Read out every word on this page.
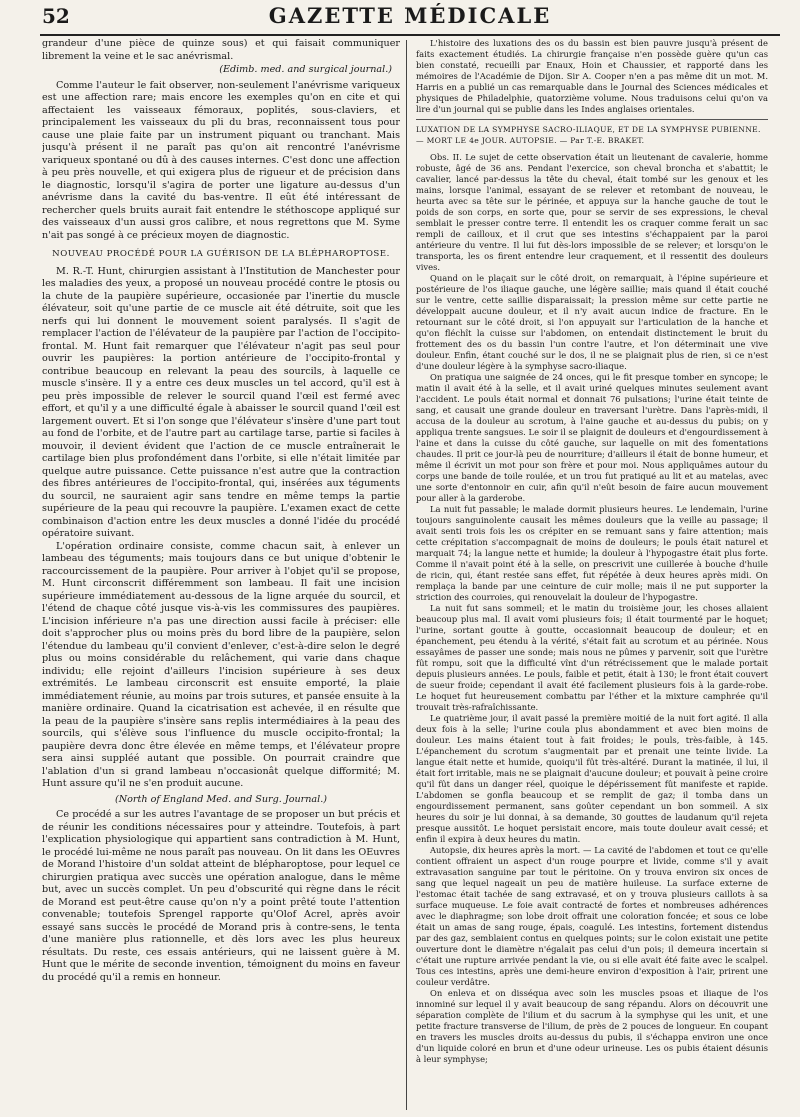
52	GAZETTE MÉDICALE

grandeur d'une pièce de quinze sous) et qui faisait communiquer librement la veine et le sac anévrismal.

(Edimb. med. and surgical journal.)

Comme l'auteur le fait observer, non-seulement l'anévrisme variqueux est une affection rare; mais encore les exemples qu'on en cite et qui affectaient les vaisseaux fémoraux, poplités, sous-claviers, et principalement les vaisseaux du pli du bras, reconnaissent tous pour cause une plaie faite par un instrument piquant ou tranchant. Mais jusqu'à présent il ne paraît pas qu'on ait rencontré l'anévrisme variqueux spontané ou dû à des causes internes. C'est donc une affection à peu près nouvelle, et qui exigera plus de rigueur et de précision dans le diagnostic, lorsqu'il s'agira de porter une ligature au-dessus d'un anévrisme dans la cavité du bas-ventre. Il eût été intéressant de rechercher quels bruits aurait fait entendre le stéthoscope appliqué sur des vaisseaux d'un aussi gros calibre, et nous regrettons que M. Syme n'ait pas songé à ce précieux moyen de diagnostic.

NOUVEAU PROCÉDÉ POUR LA GUÉRISON DE LA BLÉPHAROPTOSE.

M. R.-T. Hunt, chirurgien assistant à l'Institution de Manchester pour les maladies des yeux, a proposé un nouveau procédé contre le ptosis ou la chute de la paupière supérieure, occasionée par l'inertie du muscle élévateur, soit qu'une partie de ce muscle ait été détruite, soit que les nerfs qui lui donnent le mouvement soient paralysés. Il s'agit de remplacer l'action de l'élévateur de la paupière par l'action de l'occipito-frontal. M. Hunt fait remarquer que l'élévateur n'agit pas seul pour ouvrir les paupières: la portion antérieure de l'occipito-frontal y contribue beaucoup en relevant la peau des sourcils, à laquelle ce muscle s'insère. Il y a entre ces deux muscles un tel accord, qu'il est à peu près impossible de relever le sourcil quand l'œil est fermé avec effort, et qu'il y a une difficulté égale à abaisser le sourcil quand l'œil est largement ouvert. Et si l'on songe que l'élévateur s'insère d'une part tout au fond de l'orbite, et de l'autre part au cartilage tarse, partie si faciles à mouvoir, il devient évident que l'action de ce muscle entraînerait le cartilage bien plus profondément dans l'orbite, si elle n'était limitée par quelque autre puissance. Cette puissance n'est autre que la contraction des fibres antérieures de l'occipito-frontal, qui, insérées aux téguments du sourcil, ne sauraient agir sans tendre en même temps la partie supérieure de la peau qui recouvre la paupière. L'examen exact de cette combinaison d'action entre les deux muscles a donné l'idée du procédé opératoire suivant.

L'opération ordinaire consiste, comme chacun sait, à enlever un lambeau des téguments; mais toujours dans ce but unique d'obtenir le raccourcissement de la paupière. Pour arriver à l'objet qu'il se propose, M. Hunt circonscrit différemment son lambeau. Il fait une incision supérieure immédiatement au-dessous de la ligne arquée du sourcil, et l'étend de chaque côté jusque vis-à-vis les commissures des paupières. L'incision inférieure n'a pas une direction aussi facile à préciser: elle doit s'approcher plus ou moins près du bord libre de la paupière, selon l'étendue du lambeau qu'il convient d'enlever, c'est-à-dire selon le degré plus ou moins considérable du relâchement, qui varie dans chaque individu; elle rejoint d'ailleurs l'incision supérieure à ses deux extrémités. Le lambeau circonscrit est ensuite emporté, la plaie immédiatement réunie, au moins par trois sutures, et pansée ensuite à la manière ordinaire. Quand la cicatrisation est achevée, il en résulte que la peau de la paupière s'insère sans replis intermédiaires à la peau des sourcils, qui s'élève sous l'influence du muscle occipito-frontal; la paupière devra donc être élevée en même temps, et l'élévateur propre sera ainsi suppléé autant que possible. On pourrait craindre que l'ablation d'un si grand lambeau n'occasionât quelque difformité; M. Hunt assure qu'il ne s'en produit aucune.

(North of England Med. and Surg. Journal.)

Ce procédé a sur les autres l'avantage de se proposer un but précis et de réunir les conditions nécessaires pour y atteindre. Toutefois, à part l'explication physiologique qui appartient sans contradiction à M. Hunt, le procédé lui-même ne nous paraît pas nouveau. On lit dans les OEuvres de Morand l'histoire d'un soldat atteint de blépharoptose, pour lequel ce chirurgien pratiqua avec succès une opération analogue, dans le même but, avec un succès complet. Un peu d'obscurité qui règne dans le récit de Morand est peut-être cause qu'on n'y a point prêté toute l'attention convenable; toutefois Sprengel rapporte qu'Olof Acrel, après avoir essayé sans succès le procédé de Morand pris à contre-sens, le tenta d'une manière plus rationnelle, et dès lors avec les plus heureux résultats. Du reste, ces essais antérieurs, qui ne laissent guère à M. Hunt que le mérite de seconde invention, témoignent du moins en faveur du procédé qu'il a remis en honneur.

L'histoire des luxations des os du bassin est bien pauvre jusqu'à présent de faits exactement étudiés. La chirurgie française n'en possède guère qu'un cas bien constaté, recueilli par Enaux, Hoin et Chaussier, et rapporté dans les mémoires de l'Académie de Dijon. Sir A. Cooper n'en a pas même dit un mot. M. Harris en a publié un cas remarquable dans le Journal des Sciences médicales et physiques de Philadelphie, quatorzième volume. Nous traduisons celui qu'on va lire d'un journal qui se publie dans les Indes anglaises orientales.

LUXATION DE LA SYMPHYSE SACRO-ILIAQUE, ET DE LA SYMPHYSE PUBIENNE. — MORT LE 4e JOUR. AUTOPSIE. — Par T.-E. BRAKET.

Obs. II. Le sujet de cette observation était un lieutenant de cavalerie, homme robuste, âgé de 36 ans. Pendant l'exercice, son cheval broncha et s'abattit; le cavalier, lancé par-dessus la tête du cheval, était tombé sur les genoux et les mains, lorsque l'animal, essayant de se relever et retombant de nouveau, le heurta avec sa tête sur le périnée, et appuya sur la hanche gauche de tout le poids de son corps, en sorte que, pour se servir de ses expressions, le cheval semblait le presser contre terre. Il entendit les os craquer comme ferait un sac rempli de cailloux, et il crut que ses intestins s'échappaient par la paroi antérieure du ventre. Il lui fut dès-lors impossible de se relever; et lorsqu'on le transporta, les os firent entendre leur craquement, et il ressentit des douleurs vives.

Quand on le plaçait sur le côté droit, on remarquait, à l'épine supérieure et postérieure de l'os iliaque gauche, une légère saillie; mais quand il était couché sur le ventre, cette saillie disparaissait; la pression même sur cette partie ne développait aucune douleur, et il n'y avait aucun indice de fracture. En le retournant sur le côté droit, si l'on appuyait sur l'articulation de la hanche et qu'on fléchît la cuisse sur l'abdomen, on entendait distinctement le bruit du frottement des os du bassin l'un contre l'autre, et l'on déterminait une vive douleur. Enfin, étant couché sur le dos, il ne se plaignait plus de rien, si ce n'est d'une douleur légère à la symphyse sacro-iliaque.

On pratiqua une saignée de 24 onces, qui le fit presque tomber en syncope; le matin il avait été à la selle, et il avait uriné quelques minutes seulement avant l'accident. Le pouls était normal et donnait 76 pulsations; l'urine était teinte de sang, et causait une grande douleur en traversant l'urètre. Dans l'après-midi, il accusa de la douleur au scrotum, à l'aine gauche et au-dessus du pubis; on y appliqua trente sangsues. Le soir il se plaignit de douleurs et d'engourdissement à l'aine et dans la cuisse du côté gauche, sur laquelle on mit des fomentations chaudes. Il prit ce jour-là peu de nourriture; d'ailleurs il était de bonne humeur, et même il écrivit un mot pour son frère et pour moi. Nous appliquâmes autour du corps une bande de toile roulée, et un trou fut pratiqué au lit et au matelas, avec une sorte d'entonnoir en cuir, afin qu'il n'eût besoin de faire aucun mouvement pour aller à la garderobe.

La nuit fut passable; le malade dormit plusieurs heures. Le lendemain, l'urine toujours sanguinolente causait les mêmes douleurs que la veille au passage; il avait senti trois fois les os crépiter en se remuant sans y faire attention; mais cette crépitation s'accompagnait de moins de douleurs; le pouls était naturel et marquait 74; la langue nette et humide; la douleur à l'hypogastre était plus forte. Comme il n'avait point été à la selle, on prescrivit une cuillerée à bouche d'huile de ricin, qui, étant restée sans effet, fut répétée à deux heures après midi. On remplaça la bande par une ceinture de cuir molle; mais il ne put supporter la striction des courroies, qui renouvelait la douleur de l'hypogastre.

La nuit fut sans sommeil; et le matin du troisième jour, les choses allaient beaucoup plus mal. Il avait vomi plusieurs fois; il était tourmenté par le hoquet; l'urine, sortant goutte à goutte, occasionnait beaucoup de douleur; et en épanchement, peu étendu à la vérité, s'était fait au scrotum et au périnée. Nous essayâmes de passer une sonde; mais nous ne pûmes y parvenir, soit que l'urètre fût rompu, soit que la difficulté vînt d'un rétrécissement que le malade portait depuis plusieurs années. Le pouls, faible et petit, était à 130; le front était couvert de sueur froide; cependant il avait été facilement plusieurs fois à la garde-robe. Le hoquet fut heureusement combattu par l'éther et la mixture camphrée qu'il trouvait très-rafraîchissante.

Le quatrième jour, il avait passé la première moitié de la nuit fort agité. Il alla deux fois à la selle; l'urine coula plus abondamment et avec bien moins de douleur. Les mains étaient tout à fait froides; le pouls, très-faible, à 145. L'épanchement du scrotum s'augmentait par et prenait une teinte livide. La langue était nette et humide, quoiqu'il fût très-altéré. Durant la matinée, il lui, il était fort irritable, mais ne se plaignait d'aucune douleur; et pouvait à peine croire qu'il fût dans un danger réel, quoique le dépérissement fût manifeste et rapide. L'abdomen se gonfla beaucoup et se remplit de gaz; il tomba dans un engourdissement permanent, sans goûter cependant un bon sommeil. A six heures du soir je lui donnai, à sa demande, 30 gouttes de laudanum qu'il rejeta presque aussitôt. Le hoquet persistait encore, mais toute douleur avait cessé; et enfin il expira à deux heures du matin.

Autopsie, dix heures après la mort. — La cavité de l'abdomen et tout ce qu'elle contient offraient un aspect d'un rouge pourpre et livide, comme s'il y avait extravasation sanguine par tout le péritoine. On y trouva environ six onces de sang que lequel nageait un peu de matière huileuse. La surface externe de l'estomac était tachée de sang extravasé, et on y trouva plusieurs caillots à sa surface muqueuse. Le foie avait contracté de fortes et nombreuses adhérences avec le diaphragme; son lobe droit offrait une coloration foncée; et sous ce lobe était un amas de sang rouge, épais, coagulé. Les intestins, fortement distendus par des gaz, semblaient contus en quelques points; sur le colon existait une petite ouverture dont le diamètre n'égalait pas celui d'un pois; il demeura incertain si c'était une rupture arrivée pendant la vie, ou si elle avait été faite avec le scalpel. Tous ces intestins, après une demi-heure environ d'exposition à l'air, prirent une couleur verdâtre.

On enleva et on disséqua avec soin les muscles psoas et iliaque de l'os innominé sur lequel il y avait beaucoup de sang répandu. Alors on découvrit une séparation complète de l'ilium et du sacrum à la symphyse qui les unit, et une petite fracture transverse de l'ilium, de près de 2 pouces de longueur. En coupant en travers les muscles droits au-dessus du pubis, il s'échappa environ une once d'un liquide coloré en brun et d'une odeur urineuse. Les os pubis étaient désunis à leur symphyse;
